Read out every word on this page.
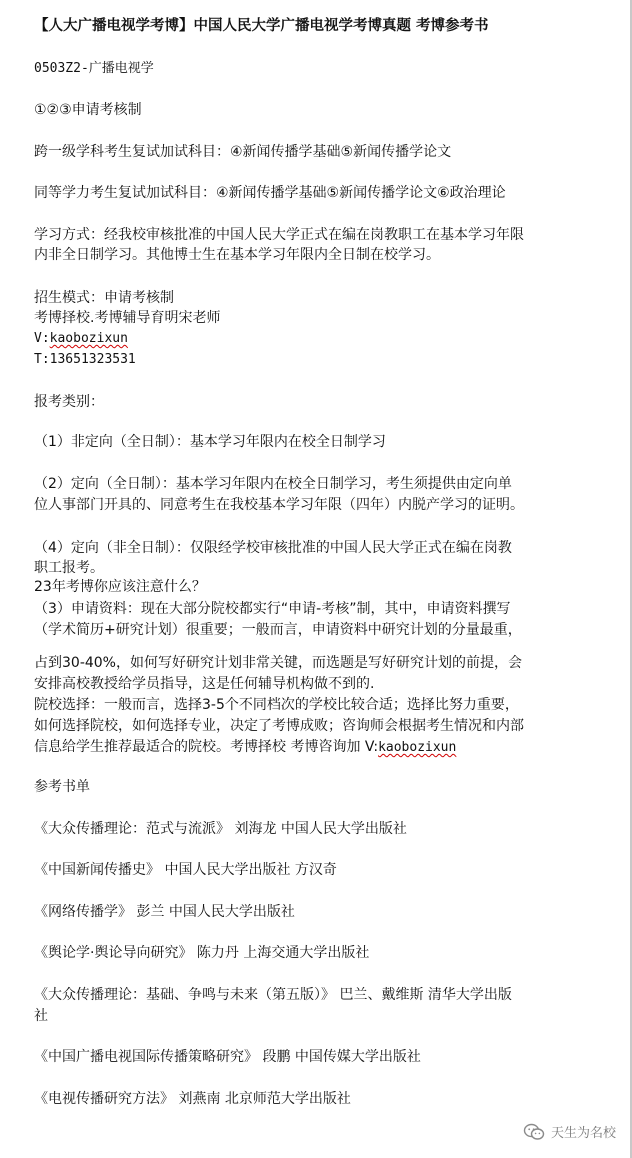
【人大广播电视学考博】中国人民大学广播电视学考博真题 考博参考书
0503Z2-广播电视学
①②③申请考核制
跨一级学科考生复试加试科目：④新闻传播学基础⑤新闻传播学论文
同等学力考生复试加试科目：④新闻传播学基础⑤新闻传播学论文⑥政治理论
学习方式：经我校审核批准的中国人民大学正式在编在岗教职工在基本学习年限
内非全日制学习。其他博士生在基本学习年限内全日制在校学习。
招生模式：申请考核制
考博择校.考博辅导育明宋老师
V:kaobozixun
T:13651323531
报考类别：
（1）非定向（全日制）：基本学习年限内在校全日制学习
（2）定向（全日制）：基本学习年限内在校全日制学习，考生须提供由定向单
位人事部门开具的、同意考生在我校基本学习年限（四年）内脱产学习的证明。
（4）定向（非全日制）：仅限经学校审核批准的中国人民大学正式在编在岗教
职工报考。
23年考博你应该注意什么？
（3）申请资料：现在大部分院校都实行“申请-考核”制，其中，申请资料撰写
（学术简历+研究计划）很重要；一般而言，申请资料中研究计划的分量最重，
占到30-40%，如何写好研究计划非常关键，而选题是写好研究计划的前提，会
安排高校教授给学员指导，这是任何辅导机构做不到的.
院校选择：一般而言，选择3-5个不同档次的学校比较合适；选择比努力重要，
如何选择院校，如何选择专业，决定了考博成败；咨询师会根据考生情况和内部
信息给学生推荐最适合的院校。考博择校 考博咨询加 V:kaobozixun
参考书单
《大众传播理论：范式与流派》 刘海龙 中国人民大学出版社
《中国新闻传播史》 中国人民大学出版社 方汉奇
《网络传播学》 彭兰 中国人民大学出版社
《舆论学·舆论导向研究》 陈力丹 上海交通大学出版社
《大众传播理论：基础、争鸣与未来（第五版）》 巴兰、戴维斯 清华大学出版
社
《中国广播电视国际传播策略研究》 段鹏 中国传媒大学出版社
《电视传播研究方法》 刘燕南 北京师范大学出版社
天生为名校
